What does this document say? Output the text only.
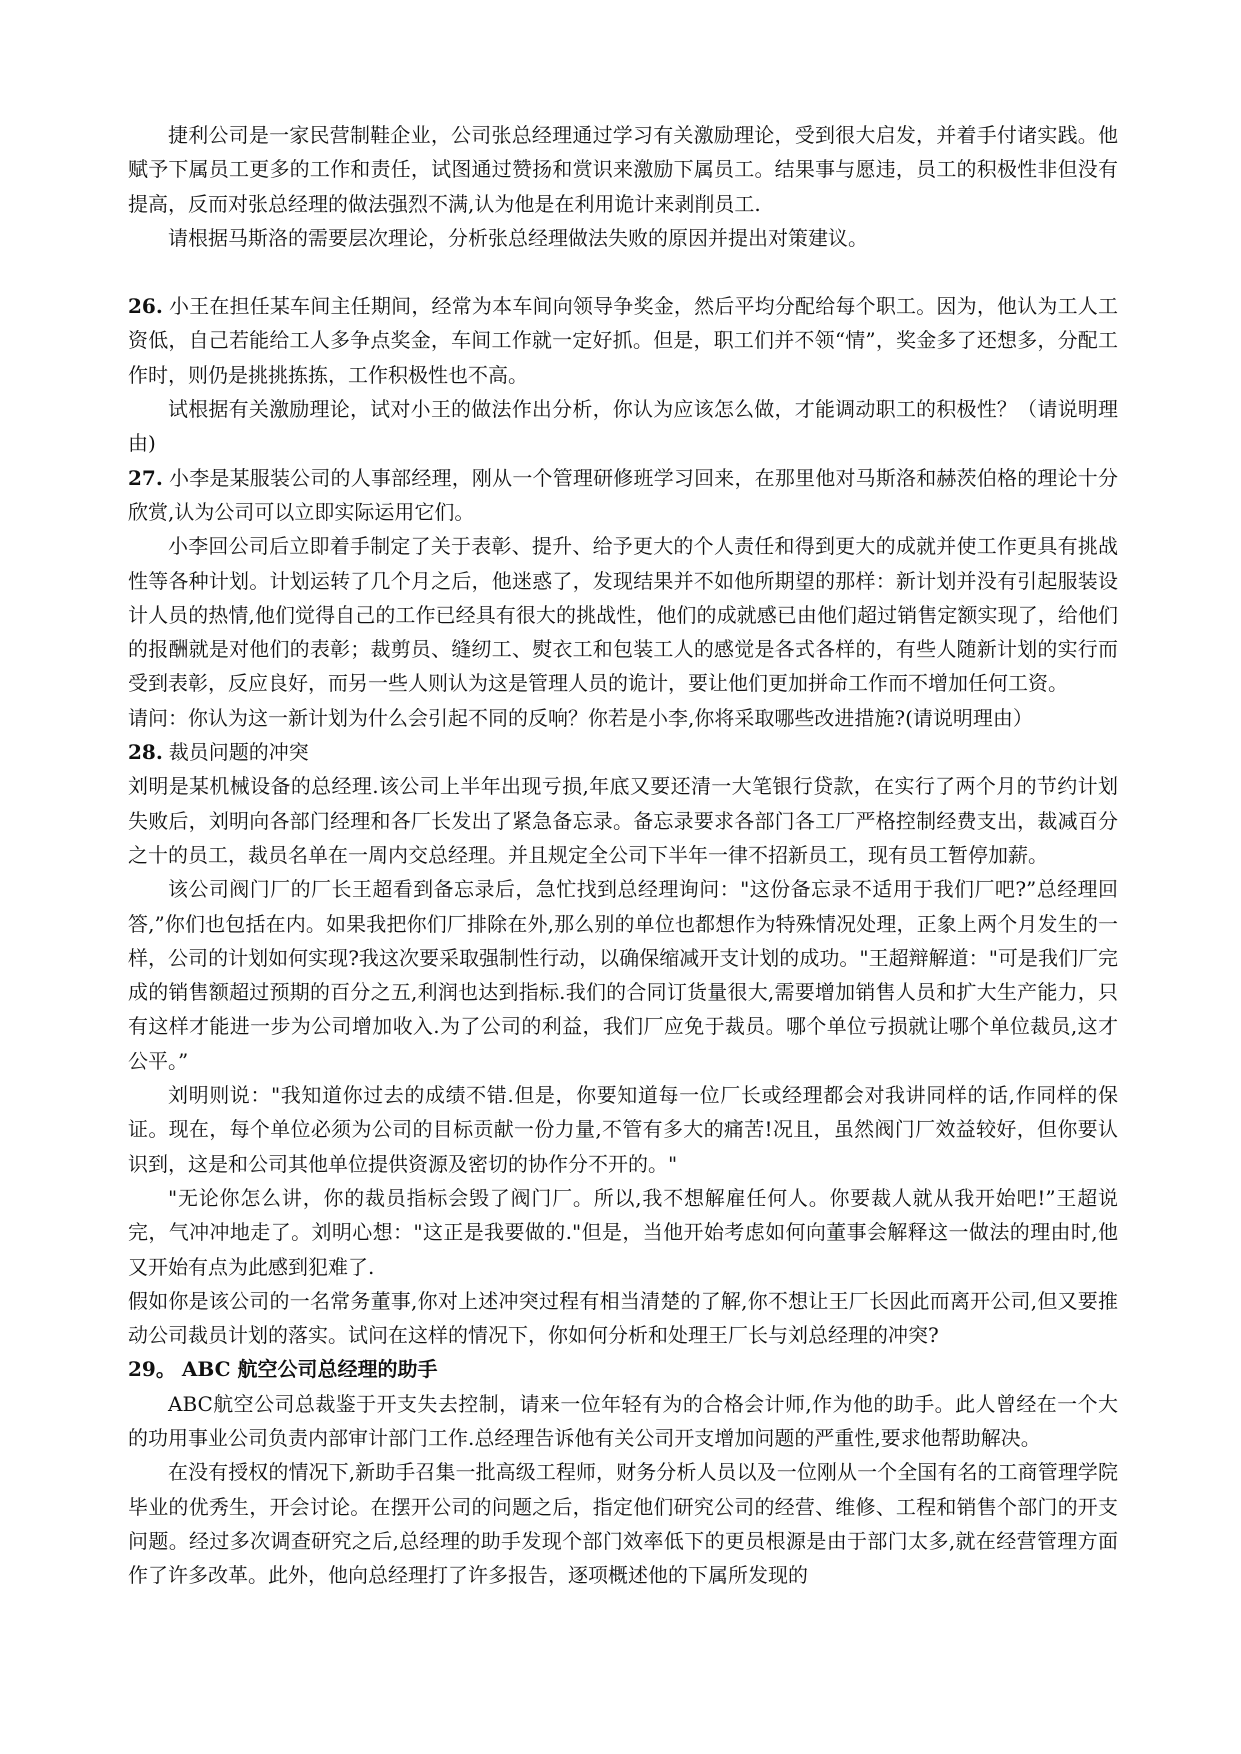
捷利公司是一家民营制鞋企业，公司张总经理通过学习有关激励理论，受到很大启发，并着手付诸实践。他赋予下属员工更多的工作和责任，试图通过赞扬和赏识来激励下属员工。结果事与愿违，员工的积极性非但没有提高，反而对张总经理的做法强烈不满,认为他是在利用诡计来剥削员工.

请根据马斯洛的需要层次理论，分析张总经理做法失败的原因并提出对策建议。

26. 小王在担任某车间主任期间，经常为本车间向领导争奖金，然后平均分配给每个职工。因为，他认为工人工资低，自己若能给工人多争点奖金，车间工作就一定好抓。但是，职工们并不领“情”，奖金多了还想多，分配工作时，则仍是挑挑拣拣，工作积极性也不高。

试根据有关激励理论，试对小王的做法作出分析，你认为应该怎么做，才能调动职工的积极性？（请说明理由)

27. 小李是某服装公司的人事部经理，刚从一个管理研修班学习回来，在那里他对马斯洛和赫茨伯格的理论十分欣赏,认为公司可以立即实际运用它们。

小李回公司后立即着手制定了关于表彰、提升、给予更大的个人责任和得到更大的成就并使工作更具有挑战性等各种计划。计划运转了几个月之后，他迷惑了，发现结果并不如他所期望的那样：新计划并没有引起服装设计人员的热情,他们觉得自己的工作已经具有很大的挑战性，他们的成就感已由他们超过销售定额实现了，给他们的报酬就是对他们的表彰；裁剪员、缝纫工、熨衣工和包装工人的感觉是各式各样的，有些人随新计划的实行而受到表彰，反应良好，而另一些人则认为这是管理人员的诡计，要让他们更加拼命工作而不增加任何工资。

请问：你认为这一新计划为什么会引起不同的反响？你若是小李,你将采取哪些改进措施?(请说明理由）

28. 裁员问题的冲突

刘明是某机械设备的总经理.该公司上半年出现亏损,年底又要还清一大笔银行贷款，在实行了两个月的节约计划失败后，刘明向各部门经理和各厂长发出了紧急备忘录。备忘录要求各部门各工厂严格控制经费支出，裁减百分之十的员工，裁员名单在一周内交总经理。并且规定全公司下半年一律不招新员工，现有员工暂停加薪。

该公司阀门厂的厂长王超看到备忘录后，急忙找到总经理询问："这份备忘录不适用于我们厂吧?”总经理回答,”你们也包括在内。如果我把你们厂排除在外,那么别的单位也都想作为特殊情况处理，正象上两个月发生的一样，公司的计划如何实现?我这次要采取强制性行动，以确保缩减开支计划的成功。"王超辩解道："可是我们厂完成的销售额超过预期的百分之五,利润也达到指标.我们的合同订货量很大,需要增加销售人员和扩大生产能力，只有这样才能进一步为公司增加收入.为了公司的利益，我们厂应免于裁员。哪个单位亏损就让哪个单位裁员,这才公平。”

刘明则说："我知道你过去的成绩不错.但是，你要知道每一位厂长或经理都会对我讲同样的话,作同样的保证。现在，每个单位必须为公司的目标贡献一份力量,不管有多大的痛苦!况且，虽然阀门厂效益较好，但你要认识到，这是和公司其他单位提供资源及密切的协作分不开的。"

"无论你怎么讲，你的裁员指标会毁了阀门厂。所以,我不想解雇任何人。你要裁人就从我开始吧!”王超说完，气冲冲地走了。刘明心想："这正是我要做的."但是，当他开始考虑如何向董事会解释这一做法的理由时,他又开始有点为此感到犯难了.

假如你是该公司的一名常务董事,你对上述冲突过程有相当清楚的了解,你不想让王厂长因此而离开公司,但又要推动公司裁员计划的落实。试问在这样的情况下，你如何分析和处理王厂长与刘总经理的冲突?

29。 ABC 航空公司总经理的助手

ABC航空公司总裁鉴于开支失去控制，请来一位年轻有为的合格会计师,作为他的助手。此人曾经在一个大的功用事业公司负责内部审计部门工作.总经理告诉他有关公司开支增加问题的严重性,要求他帮助解决。

在没有授权的情况下,新助手召集一批高级工程师，财务分析人员以及一位刚从一个全国有名的工商管理学院毕业的优秀生，开会讨论。在摆开公司的问题之后，指定他们研究公司的经营、维修、工程和销售个部门的开支问题。经过多次调查研究之后,总经理的助手发现个部门效率低下的更员根源是由于部门太多,就在经营管理方面作了许多改革。此外，他向总经理打了许多报告，逐项概述他的下属所发现的
